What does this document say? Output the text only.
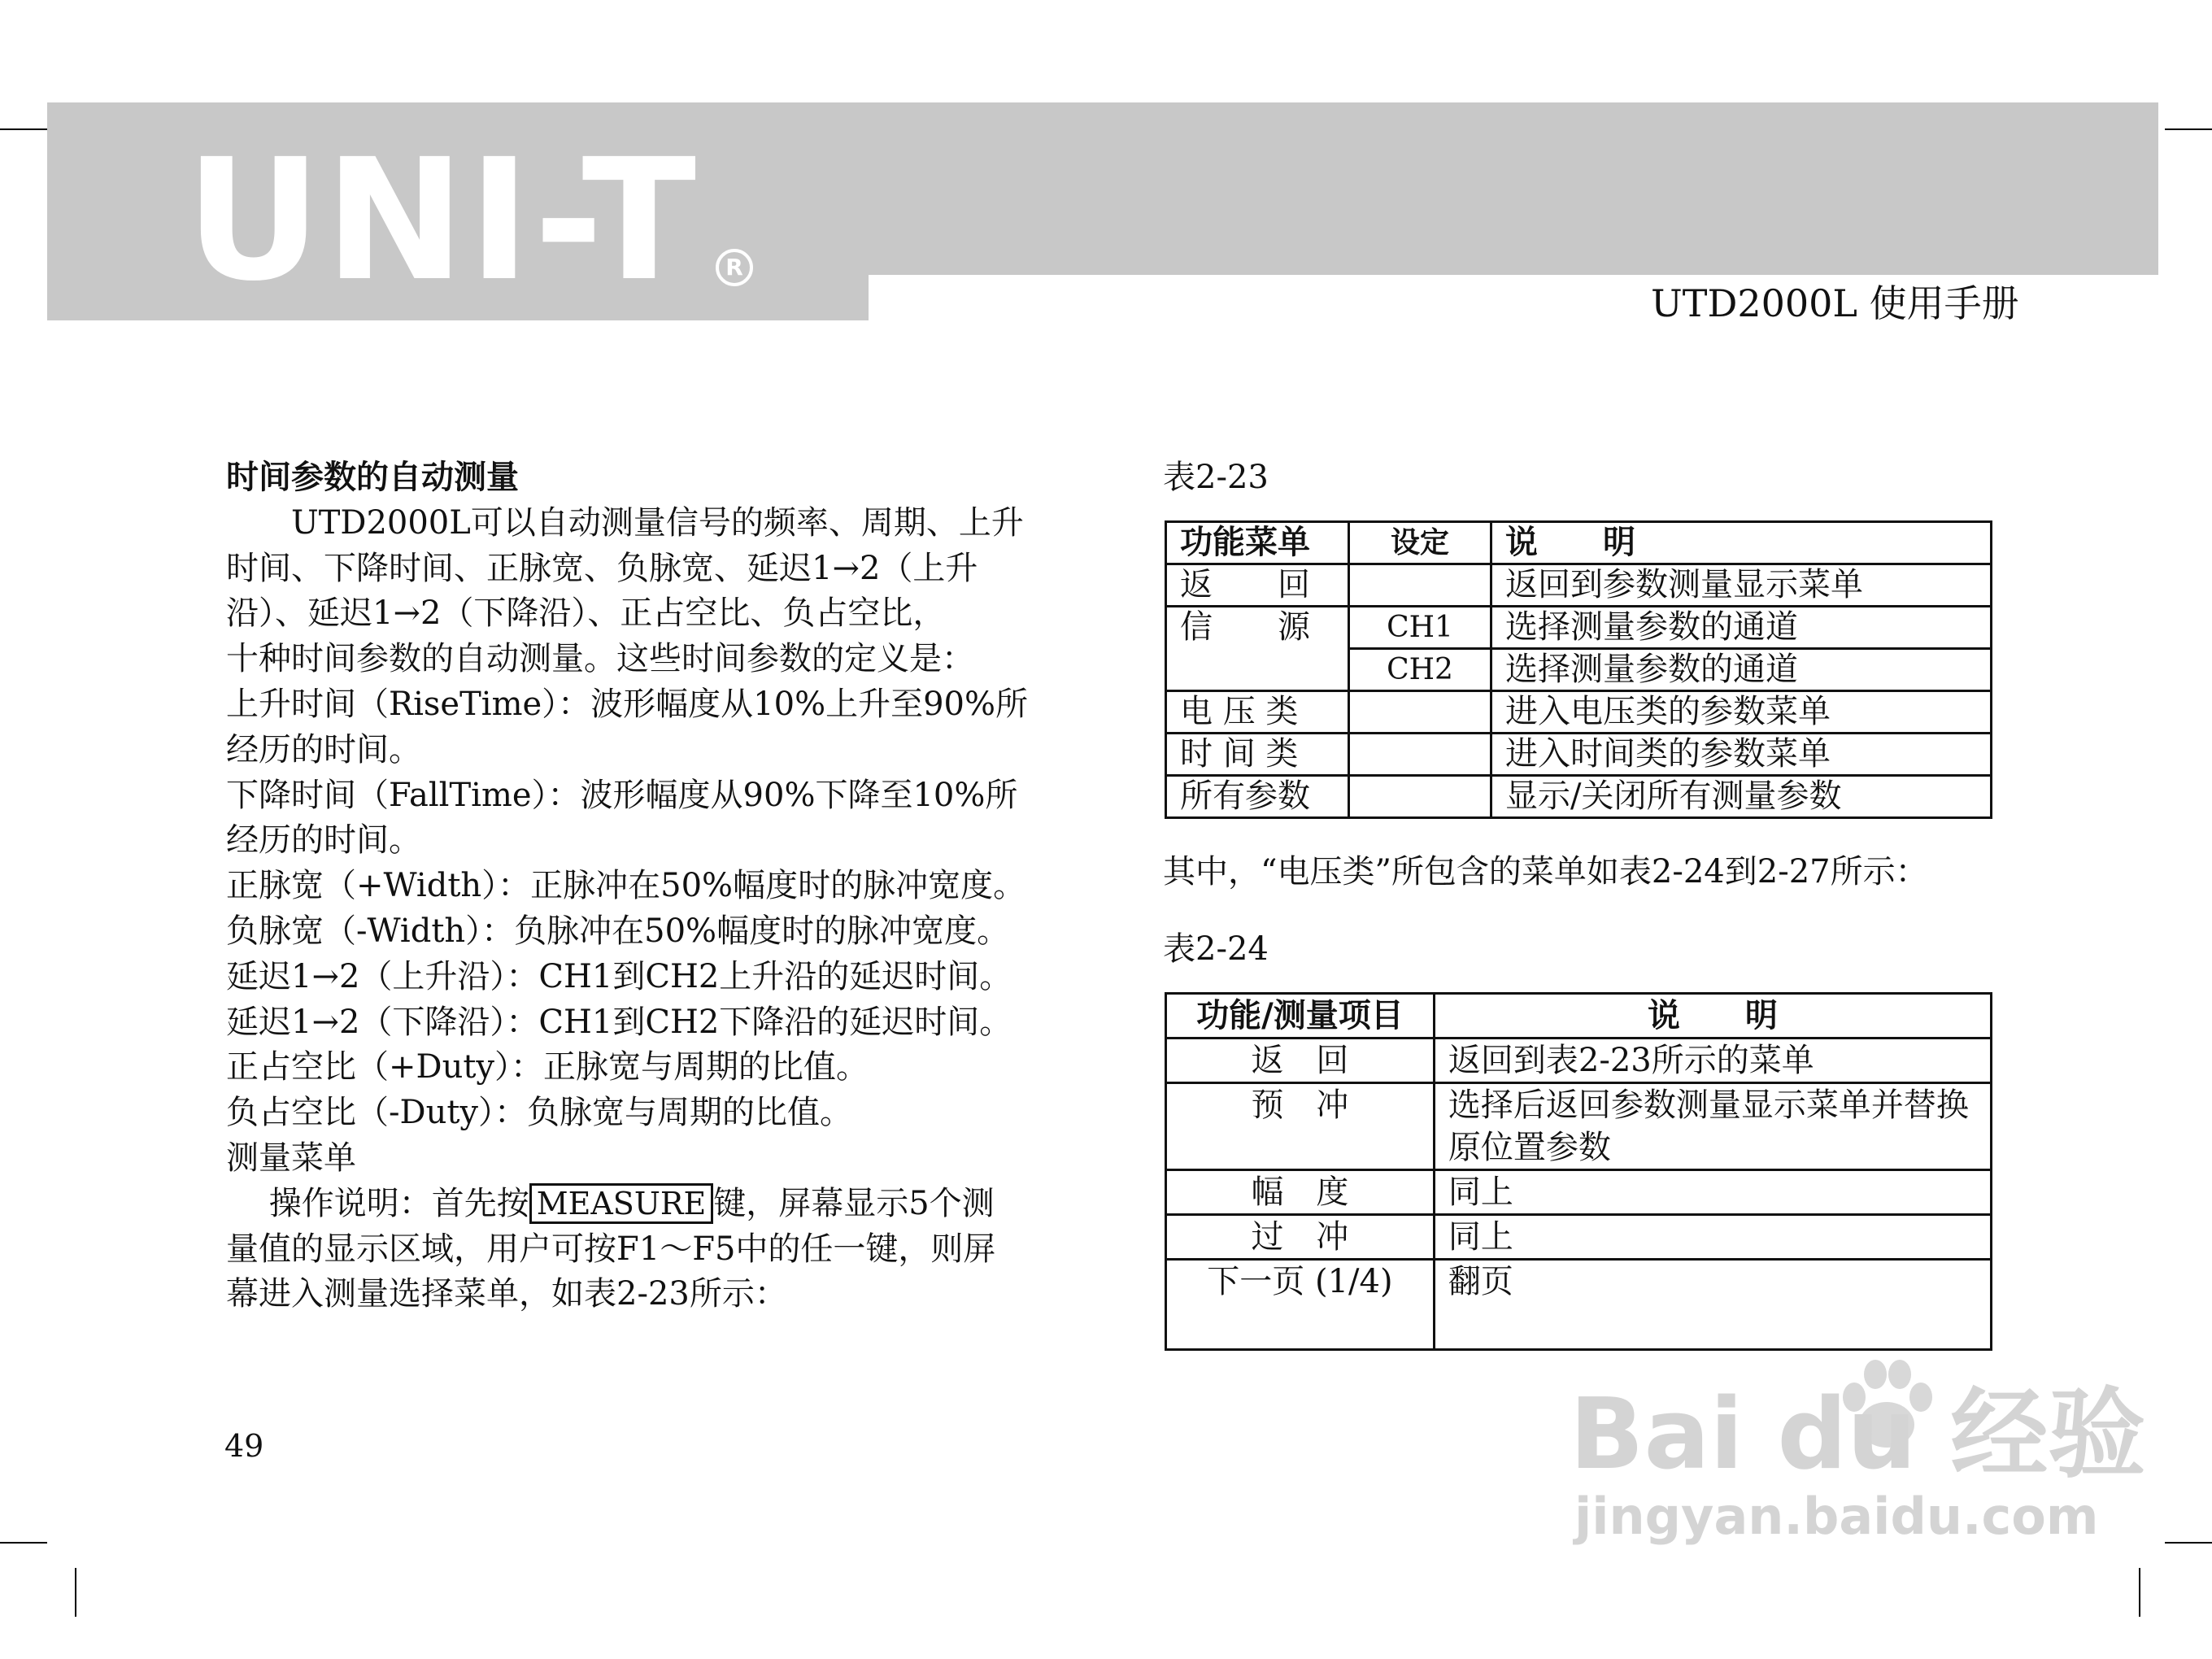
UNI-T	R
UTD2000L 使用手册

时间参数的自动测量

　　UTD2000L可以自动测量信号的频率、周期、上升

时间、下降时间、正脉宽、负脉宽、延迟1→2（上升

沿）、延迟1→2（下降沿）、正占空比、负占空比，

十种时间参数的自动测量。这些时间参数的定义是：

上升时间（RiseTime）：波形幅度从10%上升至90%所

经历的时间。

下降时间（FallTime）：波形幅度从90%下降至10%所

经历的时间。

正脉宽（+Width）：正脉冲在50%幅度时的脉冲宽度。

负脉宽（-Width）：负脉冲在50%幅度时的脉冲宽度。

延迟1→2（上升沿）：CH1到CH2上升沿的延迟时间。

延迟1→2（下降沿）：CH1到CH2下降沿的延迟时间。

正占空比（+Duty）：正脉宽与周期的比值。

负占空比（-Duty）：负脉宽与周期的比值。

测量菜单

　 操作说明：首先按 MEASURE 键，屏幕显示5个测

量值的显示区域，用户可按F1～F5中的任一键，则屏

幕进入测量选择菜单，如表2-23所示：

49
表2-23
功能菜单	设定	说　　明
返　　回		返回到参数测量显示菜单
信　　源	CH1	选择测量参数的通道
	CH2	选择测量参数的通道
电 压 类		进入电压类的参数菜单
时 间 类		进入时间类的参数菜单
所有参数		显示/关闭所有测量参数
其中，“电压类”所包含的菜单如表2-24到2-27所示：
表2-24
功能/测量项目	说　　明
返　回	返回到表2-23所示的菜单
预　冲	选择后返回参数测量显示菜单并替换原位置参数
幅　度	同上
过　冲	同上
下一页 (1/4)	翻页
Bai du 经验
jingyan.baidu.com
